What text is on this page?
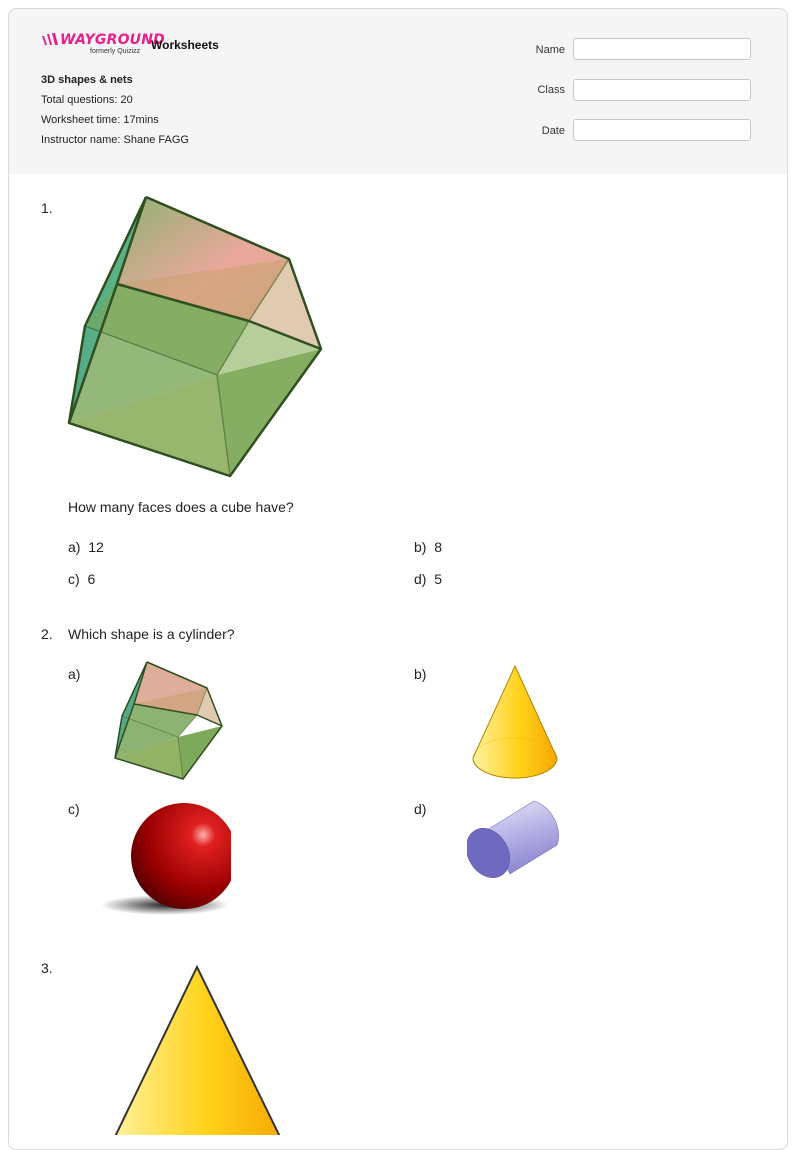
WAYGROUND
formerly Quizizz Worksheets
3D shapes & nets
Total questions: 20
Worksheet time: 17mins
Instructor name: Shane FAGG
Name
Class
Date
1.
How many faces does a cube have?
a) 12	b) 8
c) 6	d) 5
2. Which shape is a cylinder?
a)	b)
c)	d)
3.
